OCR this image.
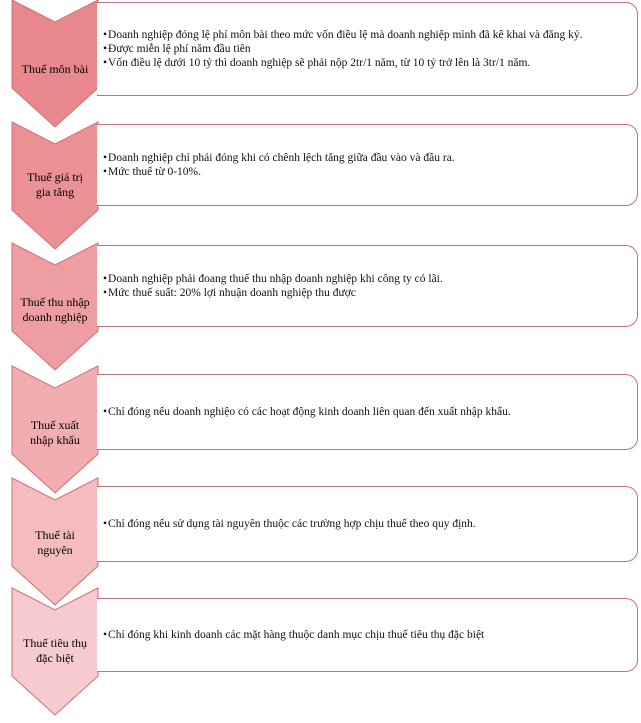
Thuế môn bài

• Doanh nghiệp đóng lệ phí môn bài theo mức vốn điều lệ mà doanh nghiệp mình đã kê khai và đăng ký.

• Được miễn lệ phí năm đầu tiên

• Vốn điều lệ dưới 10 tỷ thì doanh nghiệp sẽ phải nộp 2tr/1 năm, từ 10 tỷ trở lên là 3tr/1 năm.

Thuế giá trị
gia tăng

• Doanh nghiệp chỉ phải đóng khi có chênh lệch tăng giữa đầu vào và đầu ra.

• Mức thuế từ 0-10%.

Thuế thu nhập
doanh nghiệp

• Doanh nghiệp phải đoang thuế thu nhập doanh nghiệp khi công ty có lãi.

• Mức thuế suất: 20% lợi nhuận doanh nghiệp thu được

Thuế xuất
nhập khẩu

• Chỉ đóng nếu doanh nghiệo có các hoạt động kinh doanh liên quan đến xuất nhập khẩu.

Thuế tài
nguyên

• Chỉ đóng nếu sử dụng tài nguyên thuộc các trường hợp chịu thuế theo quy định.

Thuế tiêu thụ
đặc biệt

• Chỉ đóng khi kinh doanh các mặt hàng thuộc danh mục chịu thuế tiêu thụ đặc biệt
